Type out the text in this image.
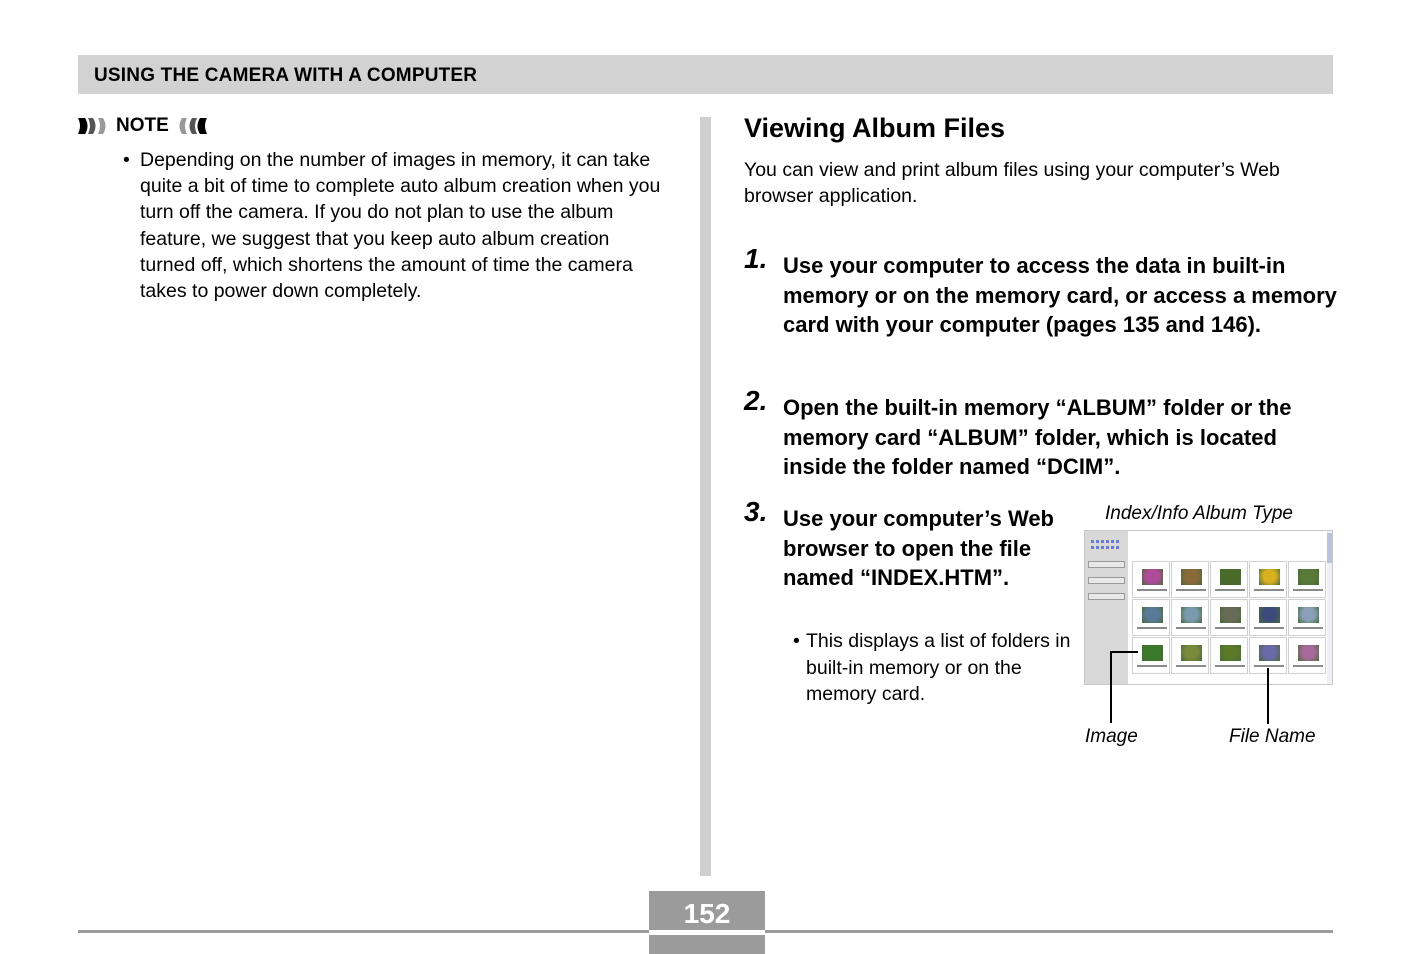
USING THE CAMERA WITH A COMPUTER
NOTE
• Depending on the number of images in memory, it can take quite a bit of time to complete auto album creation when you turn off the camera. If you do not plan to use the album feature, we suggest that you keep auto album creation turned off, which shortens the amount of time the camera takes to power down completely.
Viewing Album Files
You can view and print album files using your computer’s Web browser application.
1. Use your computer to access the data in built-in memory or on the memory card, or access a memory card with your computer (pages 135 and 146).
2. Open the built-in memory “ALBUM” folder or the memory card “ALBUM” folder, which is located inside the folder named “DCIM”.
3. Use your computer’s Web browser to open the file named “INDEX.HTM”.
• This displays a list of folders in built-in memory or on the memory card.
Index/Info Album Type
Image	File Name
152
